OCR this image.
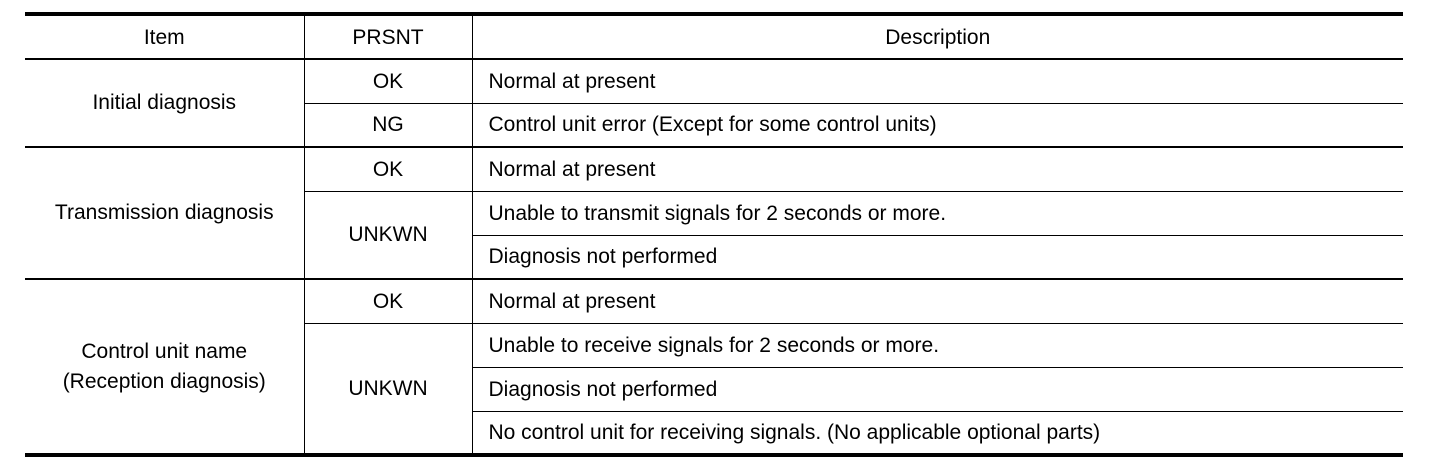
Item	PRSNT	Description
Initial diagnosis	OK	Normal at present
	NG	Control unit error (Except for some control units)
Transmission diagnosis	OK	Normal at present
	UNKWN	Unable to transmit signals for 2 seconds or more.
		Diagnosis not performed
Control unit name
(Reception diagnosis)	OK	Normal at present
	UNKWN	Unable to receive signals for 2 seconds or more.
		Diagnosis not performed
		No control unit for receiving signals. (No applicable optional parts)
